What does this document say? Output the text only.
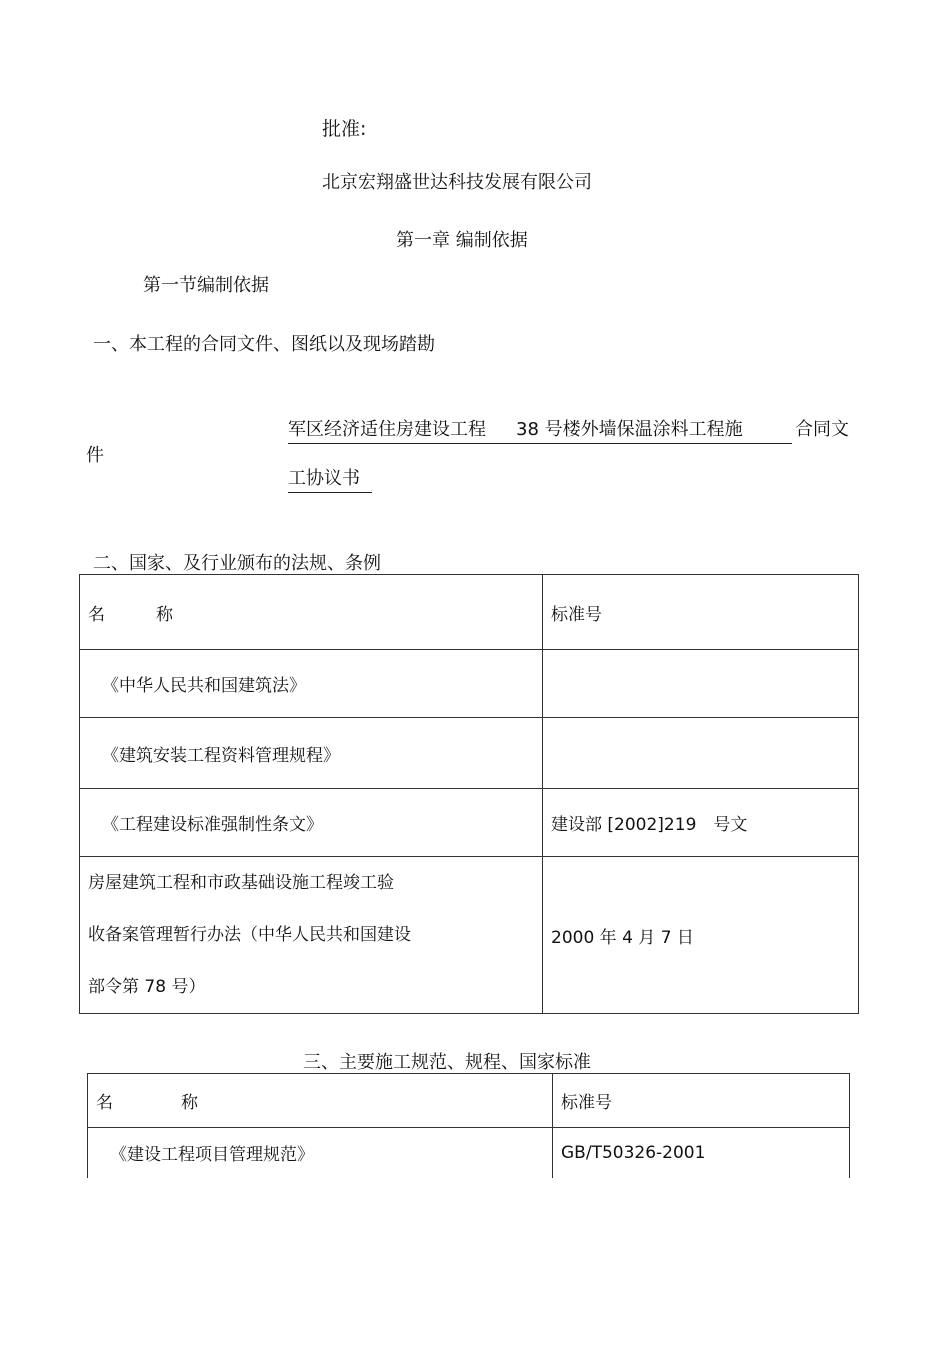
批准:
北京宏翔盛世达科技发展有限公司
第一章 编制依据
第一节编制依据
一、本工程的合同文件、图纸以及现场踏勘
军区经济适住房建设工程 38 号楼外墙保温涂料工程施	合同文
件
工协议书
二、国家、及行业颁布的法规、条例
名　　　称	标准号
《中华人民共和国建筑法》	
《建筑安装工程资料管理规程》	
《工程建设标准强制性条文》	建设部 [2002]219　号文

房屋建筑工程和市政基础设施工程竣工验
收备案管理暂行办法（中华人民共和国建设
部令第 78 号）	2000 年 4 月 7 日
三、主要施工规范、规程、国家标准
名　　　　称	标准号
《建设工程项目管理规范》	GB/T50326-2001
